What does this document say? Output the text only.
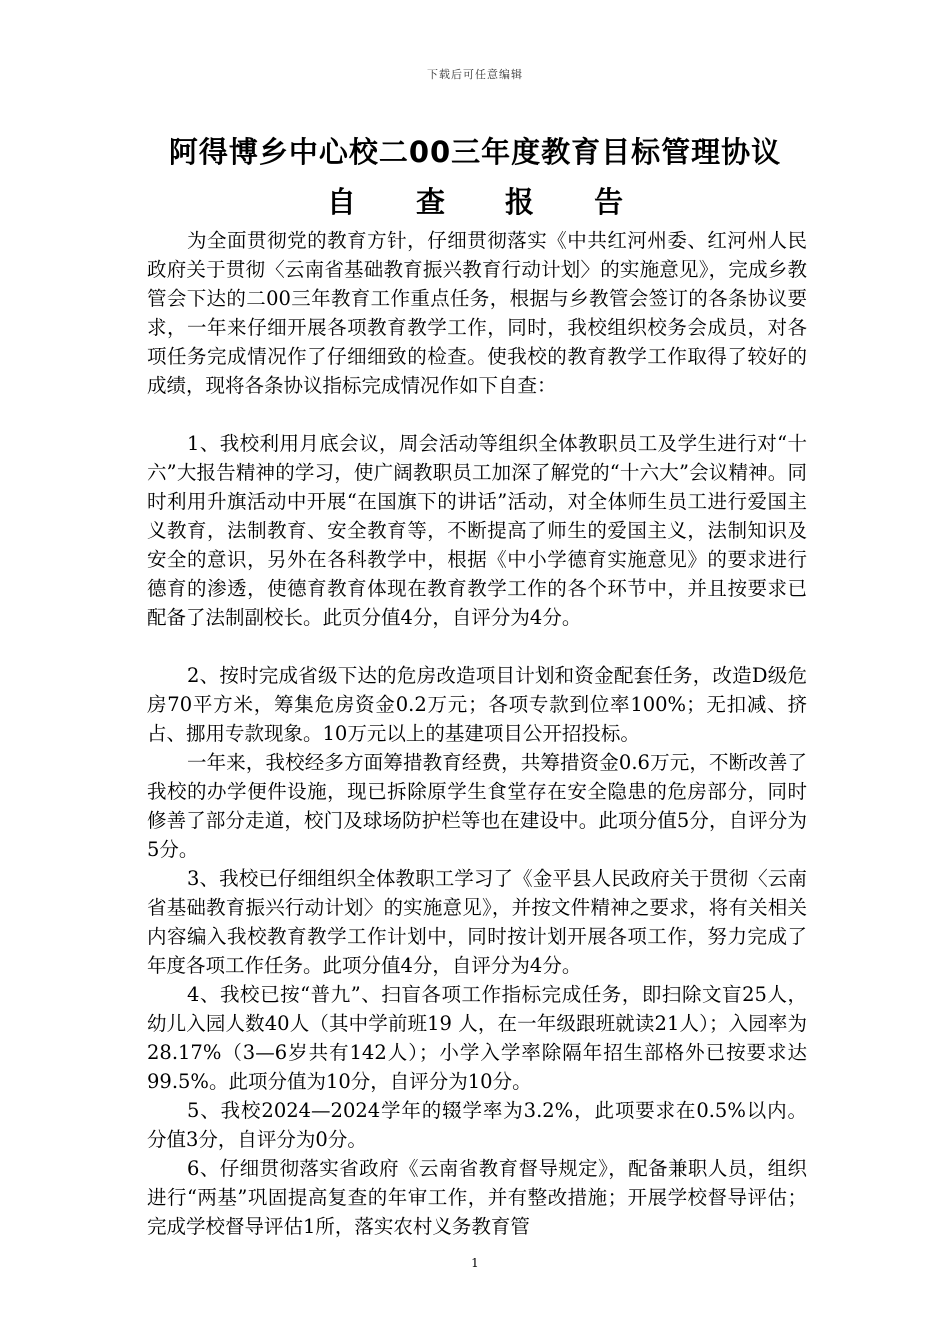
下载后可任意编辑
阿得博乡中心校二00三年度教育目标管理协议
自 查 报 告

为全面贯彻党的教育方针，仔细贯彻落实《中共红河州委、红河州人民政府关于贯彻〈云南省基础教育振兴教育行动计划〉的实施意见》，完成乡教管会下达的二00三年教育工作重点任务，根据与乡教管会签订的各条协议要求，一年来仔细开展各项教育教学工作，同时，我校组织校务会成员，对各项任务完成情况作了仔细细致的检查。使我校的教育教学工作取得了较好的成绩，现将各条协议指标完成情况作如下自查：

1、我校利用月底会议，周会活动等组织全体教职员工及学生进行对“十六”大报告精神的学习，使广阔教职员工加深了解党的“十六大”会议精神。同时利用升旗活动中开展“在国旗下的讲话”活动，对全体师生员工进行爱国主义教育，法制教育、安全教育等，不断提高了师生的爱国主义，法制知识及安全的意识，另外在各科教学中，根据《中小学德育实施意见》的要求进行德育的渗透，使德育教育体现在教育教学工作的各个环节中，并且按要求已配备了法制副校长。此页分值4分，自评分为4分。

2、按时完成省级下达的危房改造项目计划和资金配套任务，改造D级危房70平方米，筹集危房资金0.2万元；各项专款到位率100%；无扣减、挤占、挪用专款现象。10万元以上的基建项目公开招投标。

一年来，我校经多方面筹措教育经费，共筹措资金0.6万元，不断改善了我校的办学便件设施，现已拆除原学生食堂存在安全隐患的危房部分，同时修善了部分走道，校门及球场防护栏等也在建设中。此项分值5分，自评分为5分。

3、我校已仔细组织全体教职工学习了《金平县人民政府关于贯彻〈云南省基础教育振兴行动计划〉的实施意见》，并按文件精神之要求，将有关相关内容编入我校教育教学工作计划中，同时按计划开展各项工作，努力完成了年度各项工作任务。此项分值4分，自评分为4分。

4、我校已按“普九”、扫盲各项工作指标完成任务，即扫除文盲25人，幼儿入园人数40人（其中学前班19 人，在一年级跟班就读21人）；入园率为28.17%（3—6岁共有142人）；小学入学率除隔年招生部格外已按要求达99.5%。此项分值为10分，自评分为10分。

5、我校2024—2024学年的辍学率为3.2%，此项要求在0.5%以内。分值3分，自评分为0分。

6、仔细贯彻落实省政府《云南省教育督导规定》，配备兼职人员，组织进行“两基”巩固提高复查的年审工作，并有整改措施；开展学校督导评估；完成学校督导评估1所，落实农村义务教育管

1
